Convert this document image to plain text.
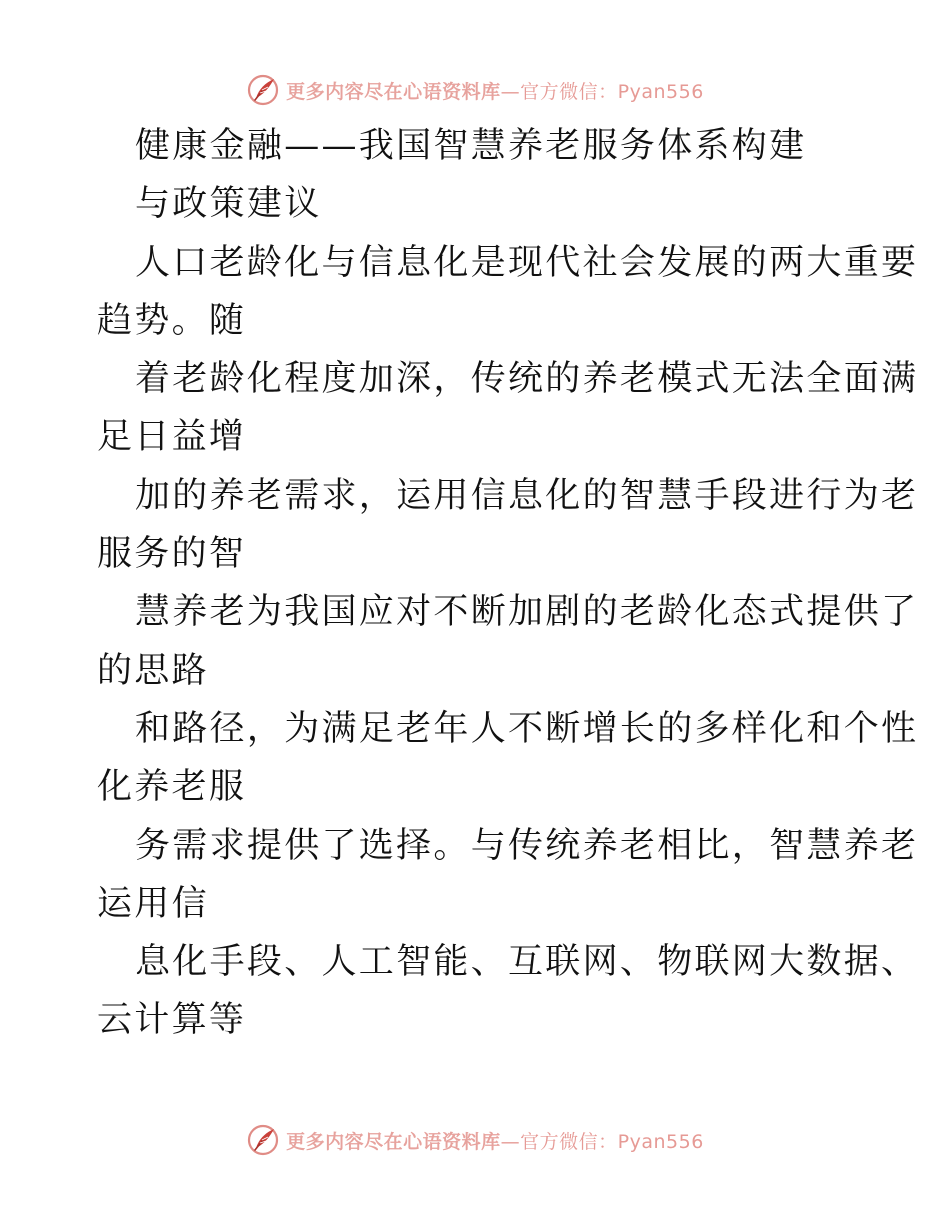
更多内容尽在心语资料库—官方微信：Pyan556
健康金融——我国智慧养老服务体系构建
与政策建议
人口老龄化与信息化是现代社会发展的两大重要
趋势。随
着老龄化程度加深，传统的养老模式无法全面满
足日益增
加的养老需求，运用信息化的智慧手段进行为老
服务的智
慧养老为我国应对不断加剧的老龄化态式提供了
的思路
和路径，为满足老年人不断增长的多样化和个性
化养老服
务需求提供了选择。与传统养老相比，智慧养老
运用信
息化手段、人工智能、互联网、物联网大数据、
云计算等
更多内容尽在心语资料库—官方微信：Pyan556
